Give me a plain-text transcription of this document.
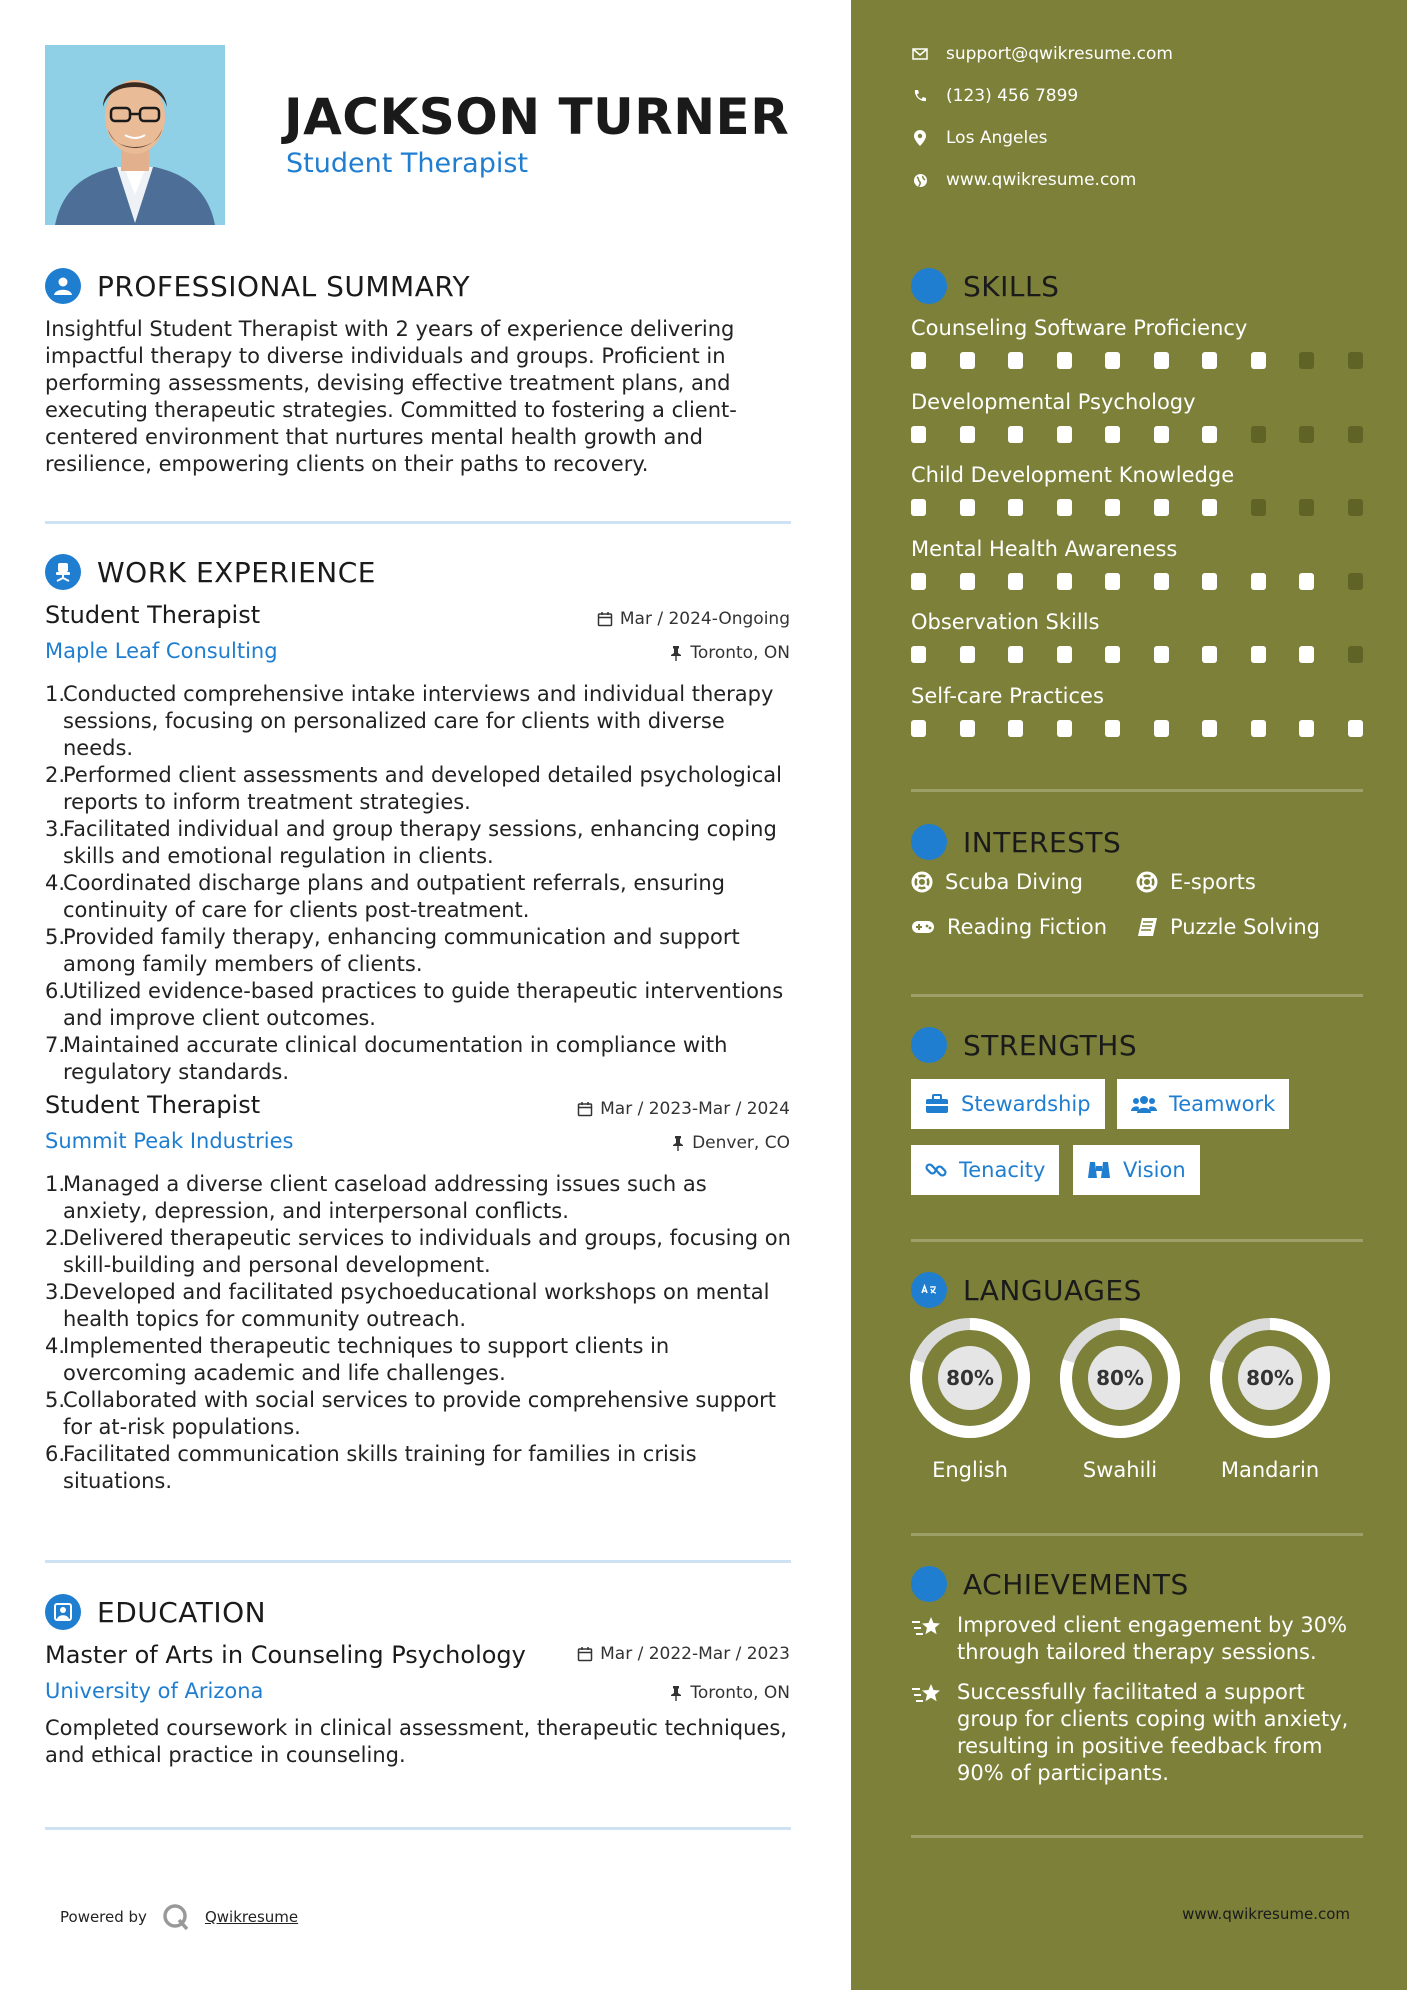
JACKSON TURNER
Student Therapist
PROFESSIONAL SUMMARY
Insightful Student Therapist with 2 years of experience delivering
impactful therapy to diverse individuals and groups. Proficient in
performing assessments, devising effective treatment plans, and
executing therapeutic strategies. Committed to fostering a client-
centered environment that nurtures mental health growth and
resilience, empowering clients on their paths to recovery.
WORK EXPERIENCE
Student Therapist	Mar / 2024-Ongoing
Maple Leaf Consulting	Toronto, ON
1.
Conducted comprehensive intake interviews and individual therapy
sessions, focusing on personalized care for clients with diverse needs.
2.
Performed client assessments and developed detailed psychological
reports to inform treatment strategies.
3.
Facilitated individual and group therapy sessions, enhancing coping
skills and emotional regulation in clients.
4.
Coordinated discharge plans and outpatient referrals, ensuring
continuity of care for clients post-treatment.
5.
Provided family therapy, enhancing communication and support
among family members of clients.
6.
Utilized evidence-based practices to guide therapeutic interventions
and improve client outcomes.
7.
Maintained accurate clinical documentation in compliance with
regulatory standards.
Student Therapist	Mar / 2023-Mar / 2024
Summit Peak Industries	Denver, CO
1.
Managed a diverse client caseload addressing issues such as
anxiety, depression, and interpersonal conflicts.
2.
Delivered therapeutic services to individuals and groups, focusing on
skill-building and personal development.
3.
Developed and facilitated psychoeducational workshops on mental
health topics for community outreach.
4.
Implemented therapeutic techniques to support clients in
overcoming academic and life challenges.
5.
Collaborated with social services to provide comprehensive support
for at-risk populations.
6.
Facilitated communication skills training for families in crisis
situations.
EDUCATION
Master of Arts in Counseling Psychology	Mar / 2022-Mar / 2023
University of Arizona	Toronto, ON
Completed coursework in clinical assessment, therapeutic techniques,
and ethical practice in counseling.
Powered by	Qwikresume
support@qwikresume.com
(123) 456 7899
Los Angeles
www.qwikresume.com
SKILLS
Counseling Software Proficiency
Developmental Psychology
Child Development Knowledge
Mental Health Awareness
Observation Skills
Self-care Practices
INTERESTS
Scuba Diving	E-sports
Reading Fiction	Puzzle Solving
STRENGTHS
Stewardship	Teamwork
Tenacity	Vision
LANGUAGES
80%
English
80%
Swahili
80%
Mandarin
ACHIEVEMENTS
Improved client engagement by 30%
through tailored therapy sessions.
Successfully facilitated a support
group for clients coping with anxiety,
resulting in positive feedback from
90% of participants.
www.qwikresume.com
